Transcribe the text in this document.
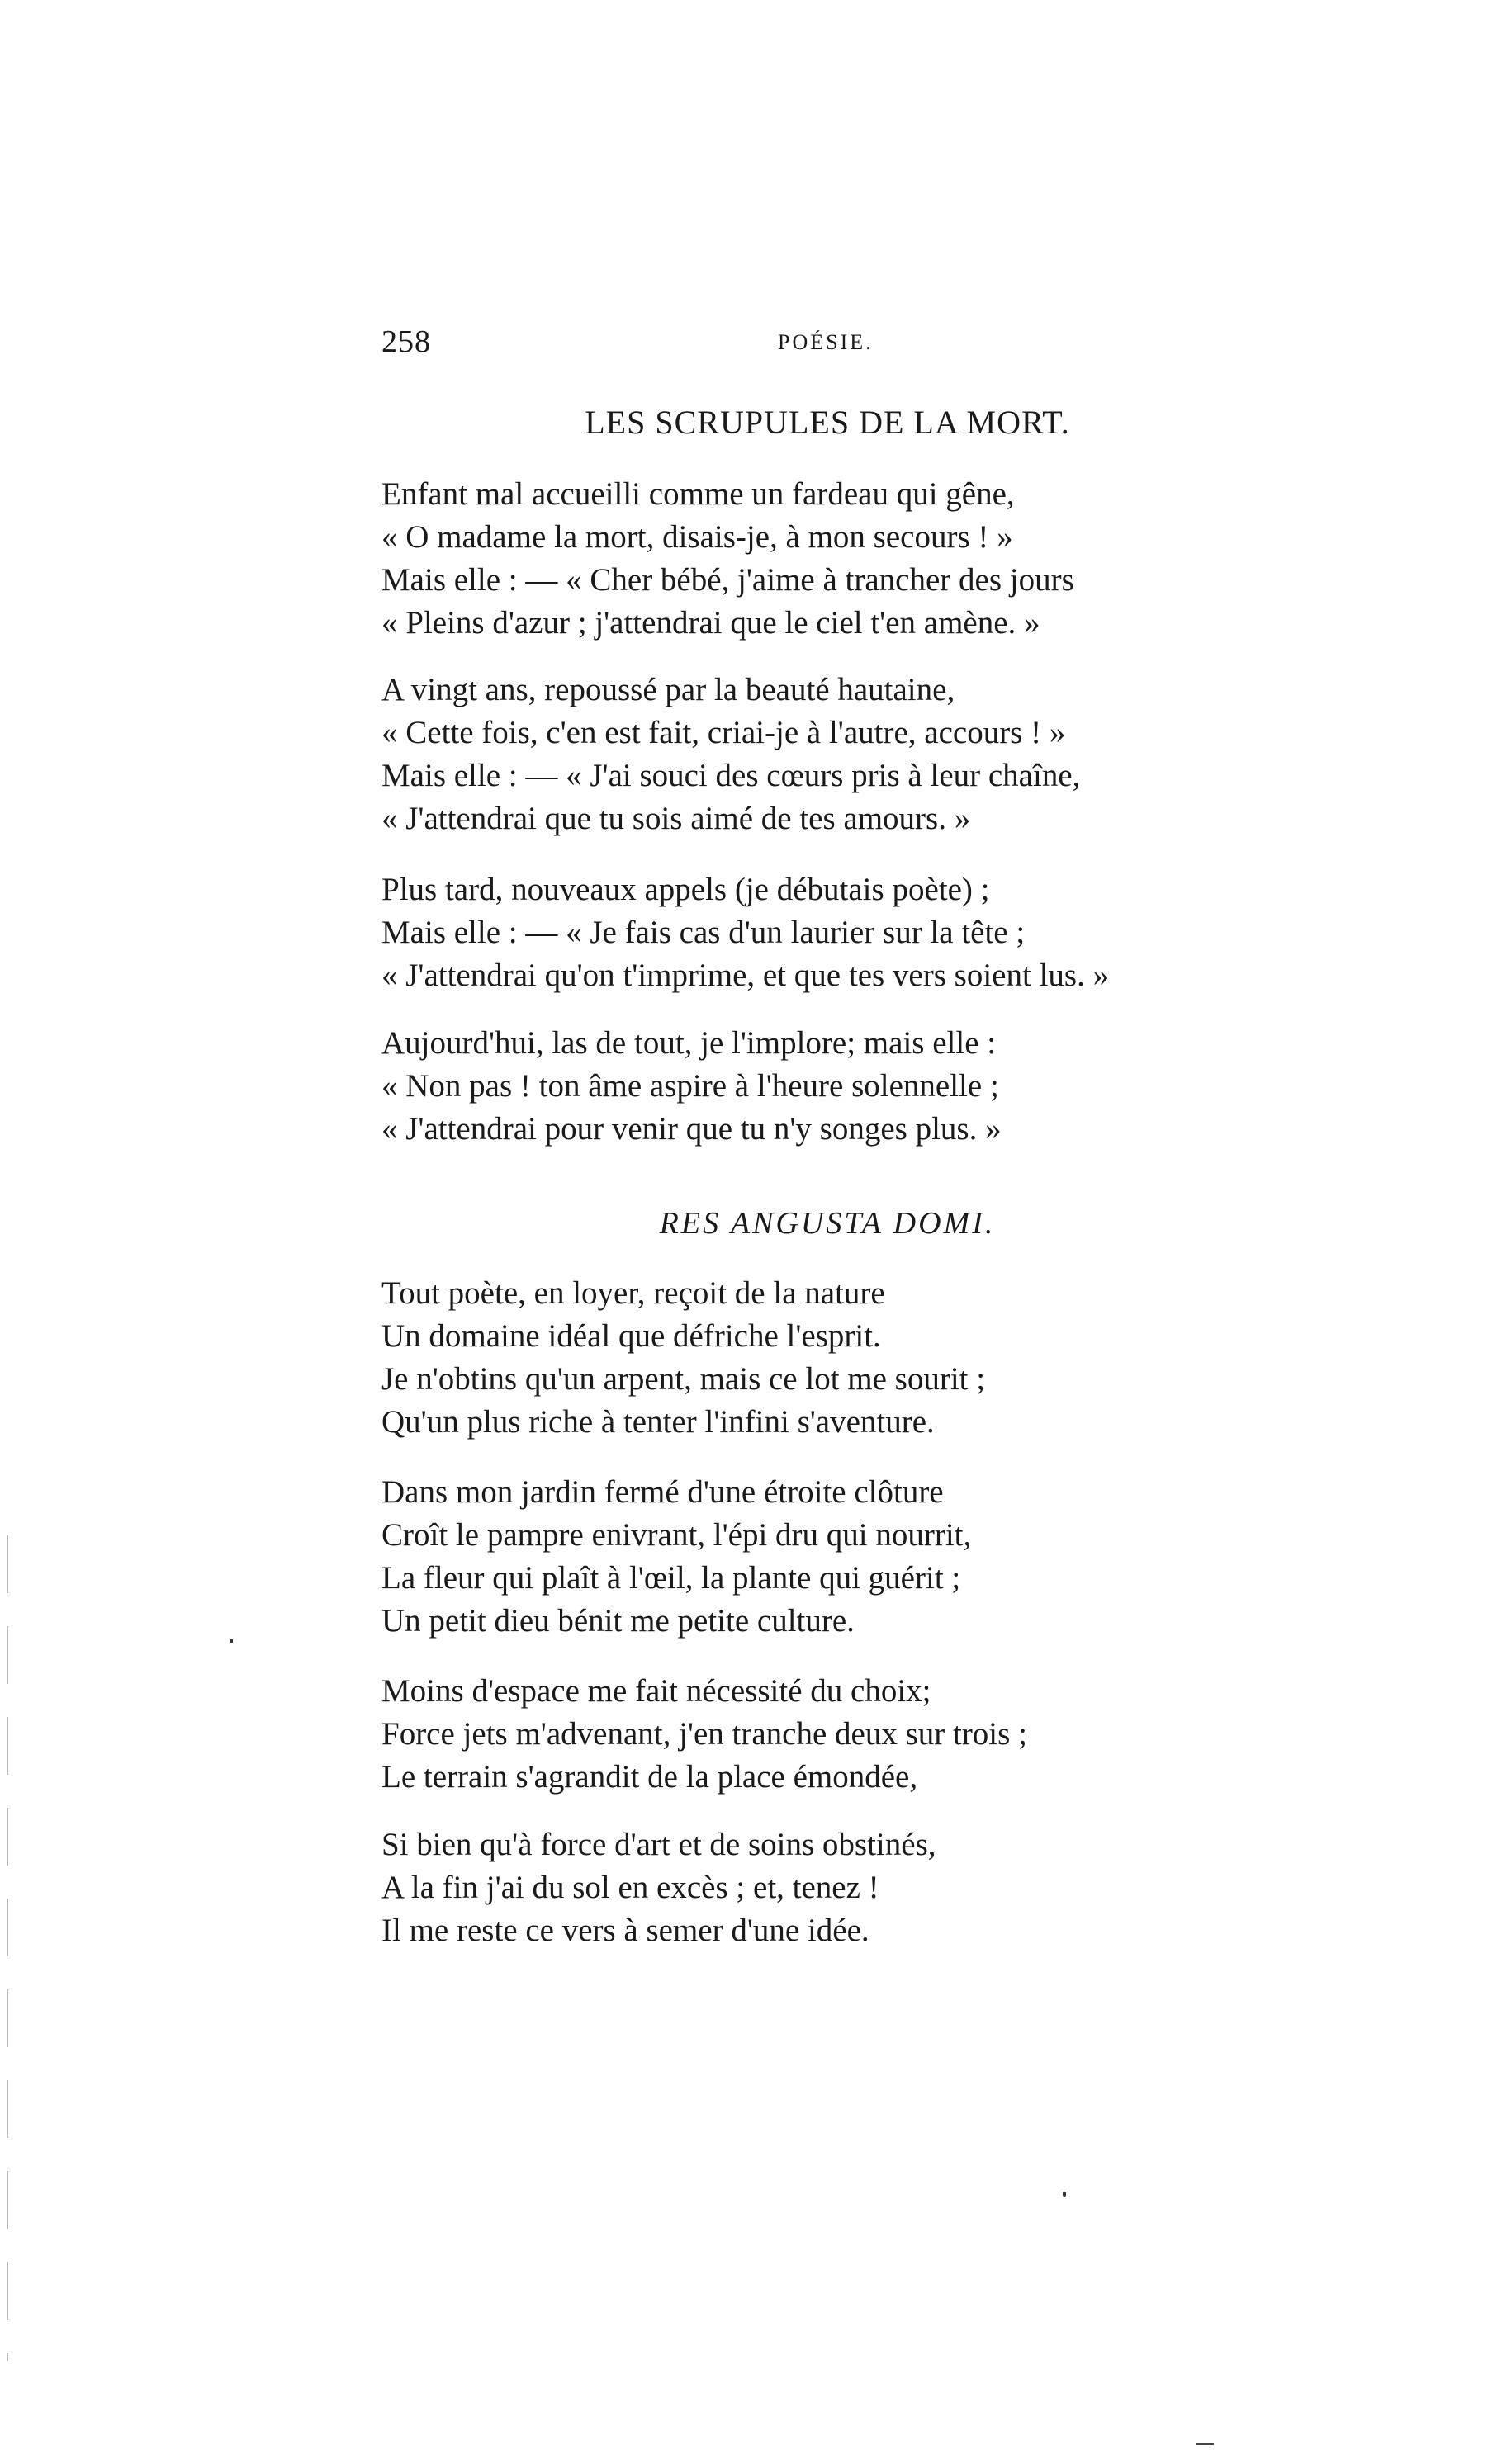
258	POÉSIE.
LES SCRUPULES DE LA MORT.
Enfant mal accueilli comme un fardeau qui gêne,
« O madame la mort, disais-je, à mon secours ! »
Mais elle : — « Cher bébé, j'aime à trancher des jours
« Pleins d'azur ; j'attendrai que le ciel t'en amène. »
A vingt ans, repoussé par la beauté hautaine,
« Cette fois, c'en est fait, criai-je à l'autre, accours ! »
Mais elle : — « J'ai souci des cœurs pris à leur chaîne,
« J'attendrai que tu sois aimé de tes amours. »
Plus tard, nouveaux appels (je débutais poète) ;
Mais elle : — « Je fais cas d'un laurier sur la tête ;
« J'attendrai qu'on t'imprime, et que tes vers soient lus. »
Aujourd'hui, las de tout, je l'implore; mais elle :
« Non pas ! ton âme aspire à l'heure solennelle ;
« J'attendrai pour venir que tu n'y songes plus. »
RES ANGUSTA DOMI.
Tout poète, en loyer, reçoit de la nature
Un domaine idéal que défriche l'esprit.
Je n'obtins qu'un arpent, mais ce lot me sourit ;
Qu'un plus riche à tenter l'infini s'aventure.
Dans mon jardin fermé d'une étroite clôture
Croît le pampre enivrant, l'épi dru qui nourrit,
La fleur qui plaît à l'œil, la plante qui guérit ;
Un petit dieu bénit me petite culture.
Moins d'espace me fait nécessité du choix;
Force jets m'advenant, j'en tranche deux sur trois ;
Le terrain s'agrandit de la place émondée,
Si bien qu'à force d'art et de soins obstinés,
A la fin j'ai du sol en excès ; et, tenez !
Il me reste ce vers à semer d'une idée.
